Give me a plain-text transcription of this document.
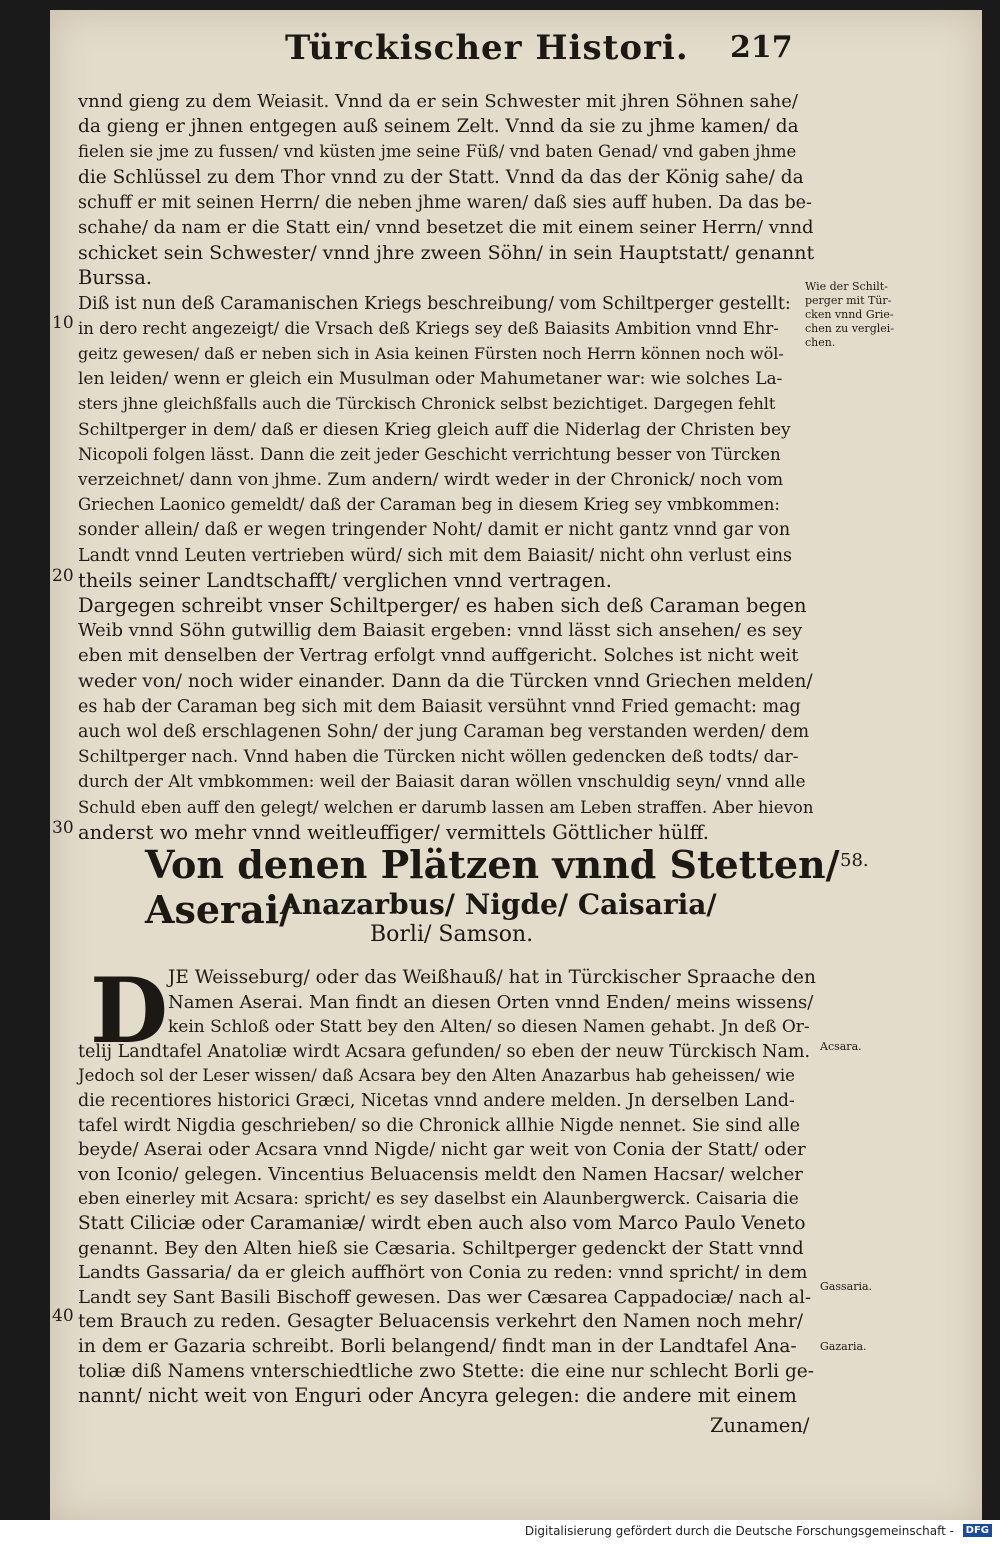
Türckischer Histori. 217
vnnd gieng zu dem Weiasit. Vnnd da er sein Schwester mit jhren Söhnen sahe/
da gieng er jhnen entgegen auß seinem Zelt. Vnnd da sie zu jhme kamen/ da
fielen sie jme zu fussen/ vnd küsten jme seine Füß/ vnd baten Genad/ vnd gaben jhme
die Schlüssel zu dem Thor vnnd zu der Statt. Vnnd da das der König sahe/ da
schuff er mit seinen Herrn/ die neben jhme waren/ daß sies auff huben. Da das be-
schahe/ da nam er die Statt ein/ vnnd besetzet die mit einem seiner Herrn/ vnnd
schicket sein Schwester/ vnnd jhre zween Söhn/ in sein Hauptstatt/ genannt
Burssa.
Diß ist nun deß Caramanischen Kriegs beschreibung/ vom Schiltperger gestellt:
in dero recht angezeigt/ die Vrsach deß Kriegs sey deß Baiasits Ambition vnnd Ehr-
geitz gewesen/ daß er neben sich in Asia keinen Fürsten noch Herrn können noch wöl-
len leiden/ wenn er gleich ein Musulman oder Mahumetaner war: wie solches La-
sters jhne gleichßfalls auch die Türckisch Chronick selbst bezichtiget. Dargegen fehlt
Schiltperger in dem/ daß er diesen Krieg gleich auff die Niderlag der Christen bey
Nicopoli folgen lässt. Dann die zeit jeder Geschicht verrichtung besser von Türcken
verzeichnet/ dann von jhme. Zum andern/ wirdt weder in der Chronick/ noch vom
Griechen Laonico gemeldt/ daß der Caraman beg in diesem Krieg sey vmbkommen:
sonder allein/ daß er wegen tringender Noht/ damit er nicht gantz vnnd gar von
Landt vnnd Leuten vertrieben würd/ sich mit dem Baiasit/ nicht ohn verlust eins
theils seiner Landtschafft/ verglichen vnnd vertragen.
Dargegen schreibt vnser Schiltperger/ es haben sich deß Caraman begen
Weib vnnd Söhn gutwillig dem Baiasit ergeben: vnnd lässt sich ansehen/ es sey
eben mit denselben der Vertrag erfolgt vnnd auffgericht. Solches ist nicht weit
weder von/ noch wider einander. Dann da die Türcken vnnd Griechen melden/
es hab der Caraman beg sich mit dem Baiasit versühnt vnnd Fried gemacht: mag
auch wol deß erschlagenen Sohn/ der jung Caraman beg verstanden werden/ dem
Schiltperger nach. Vnnd haben die Türcken nicht wöllen gedencken deß todts/ dar-
durch der Alt vmbkommen: weil der Baiasit daran wöllen vnschuldig seyn/ vnnd alle
Schuld eben auff den gelegt/ welchen er darumb lassen am Leben straffen. Aber hievon
anderst wo mehr vnnd weitleuffiger/ vermittels Göttlicher hülff.
10
20
30
40
Wie der Schilt-perger mit Tür-cken vnnd Grie-chen zu verglei-chen.
Von denen Plätzen vnnd Stetten/ Aserai/
Anazarbus/ Nigde/ Caisaria/
Borli/ Samson.
58.
D JE Weisseburg/ oder das Weißhauß/ hat in Türckischer Spraache den
Namen Aserai. Man findt an diesen Orten vnnd Enden/ meins wissens/
kein Schloß oder Statt bey den Alten/ so diesen Namen gehabt. Jn deß Or-
telij Landtafel Anatoliæ wirdt Acsara gefunden/ so eben der neuw Türckisch Nam.
Jedoch sol der Leser wissen/ daß Acsara bey den Alten Anazarbus hab geheissen/ wie
die recentiores historici Græci, Nicetas vnnd andere melden. Jn derselben Land-
tafel wirdt Nigdia geschrieben/ so die Chronick allhie Nigde nennet. Sie sind alle
beyde/ Aserai oder Acsara vnnd Nigde/ nicht gar weit von Conia der Statt/ oder
von Iconio/ gelegen. Vincentius Beluacensis meldt den Namen Hacsar/ welcher
eben einerley mit Acsara: spricht/ es sey daselbst ein Alaunbergwerck. Caisaria die
Statt Ciliciæ oder Caramaniæ/ wirdt eben auch also vom Marco Paulo Veneto
genannt. Bey den Alten hieß sie Cæsaria. Schiltperger gedenckt der Statt vnnd
Landts Gassaria/ da er gleich auffhört von Conia zu reden: vnnd spricht/ in dem
Landt sey Sant Basili Bischoff gewesen. Das wer Cæsarea Cappadociæ/ nach al-
tem Brauch zu reden. Gesagter Beluacensis verkehrt den Namen noch mehr/
in dem er Gazaria schreibt. Borli belangend/ findt man in der Landtafel Ana-
toliæ diß Namens vnterschiedtliche zwo Stette: die eine nur schlecht Borli ge-
nannt/ nicht weit von Enguri oder Ancyra gelegen: die andere mit einem
Acsara.
Gassaria.
Gazaria.
Zunamen/
Digitalisierung gefördert durch die Deutsche Forschungsgemeinschaft -	DFG
